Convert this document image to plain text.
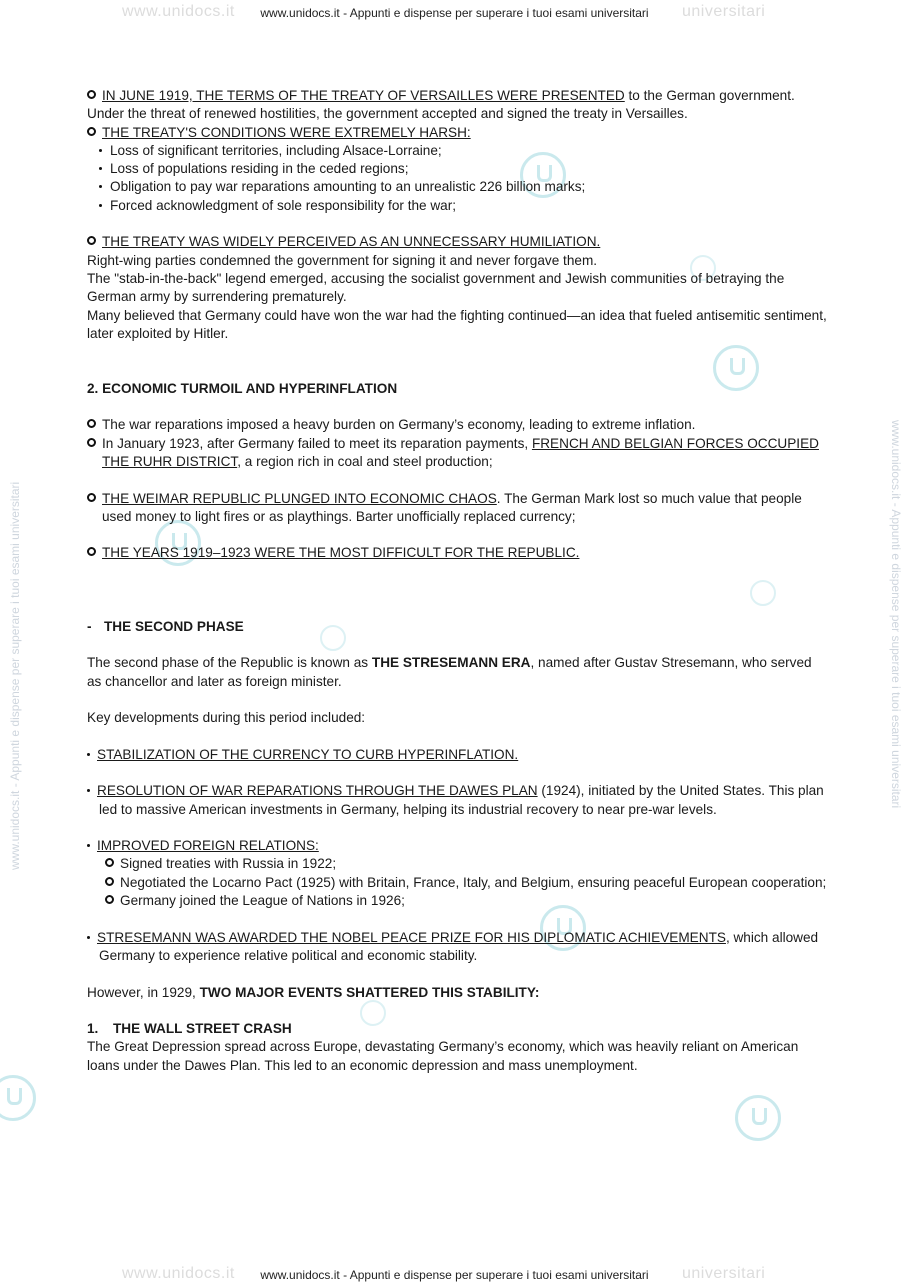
www.unidocs.it	universitari
www.unidocs.it - Appunti e dispense per superare i tuoi esami universitari
www.unidocs.it	universitari
www.unidocs.it - Appunti e dispense per superare i tuoi esami universitari
www.unidocs.it - Appunti e dispense per superare i tuoi esami universitari	www.unidocs.it - Appunti e dispense per superare i tuoi esami universitari

IN JUNE 1919, THE TERMS OF THE TREATY OF VERSAILLES WERE PRESENTED to the German government.

Under the threat of renewed hostilities, the government accepted and signed the treaty in Versailles.

THE TREATY'S CONDITIONS WERE EXTREMELY HARSH:

Loss of significant territories, including Alsace-Lorraine;

Loss of populations residing in the ceded regions;

Obligation to pay war reparations amounting to an unrealistic 226 billion marks;

Forced acknowledgment of sole responsibility for the war;

THE TREATY WAS WIDELY PERCEIVED AS AN UNNECESSARY HUMILIATION.

Right-wing parties condemned the government for signing it and never forgave them.

The "stab-in-the-back" legend emerged, accusing the socialist government and Jewish communities of betraying the German army by surrendering prematurely.

Many believed that Germany could have won the war had the fighting continued—an idea that fueled antisemitic sentiment, later exploited by Hitler.

2. ECONOMIC TURMOIL AND HYPERINFLATION

The war reparations imposed a heavy burden on Germany’s economy, leading to extreme inflation.

In January 1923, after Germany failed to meet its reparation payments, FRENCH AND BELGIAN FORCES OCCUPIED THE RUHR DISTRICT, a region rich in coal and steel production;

THE WEIMAR REPUBLIC PLUNGED INTO ECONOMIC CHAOS. The German Mark lost so much value that people used money to light fires or as playthings. Barter unofficially replaced currency;

THE YEARS 1919–1923 WERE THE MOST DIFFICULT FOR THE REPUBLIC.

- THE SECOND PHASE

The second phase of the Republic is known as THE STRESEMANN ERA, named after Gustav Stresemann, who served as chancellor and later as foreign minister.

Key developments during this period included:

STABILIZATION OF THE CURRENCY TO CURB HYPERINFLATION.

RESOLUTION OF WAR REPARATIONS THROUGH THE DAWES PLAN (1924), initiated by the United States. This plan led to massive American investments in Germany, helping its industrial recovery to near pre-war levels.

IMPROVED FOREIGN RELATIONS:

Signed treaties with Russia in 1922;

Negotiated the Locarno Pact (1925) with Britain, France, Italy, and Belgium, ensuring peaceful European cooperation;

Germany joined the League of Nations in 1926;

STRESEMANN WAS AWARDED THE NOBEL PEACE PRIZE FOR HIS DIPLOMATIC ACHIEVEMENTS, which allowed Germany to experience relative political and economic stability.

However, in 1929, TWO MAJOR EVENTS SHATTERED THIS STABILITY:

1. THE WALL STREET CRASH

The Great Depression spread across Europe, devastating Germany’s economy, which was heavily reliant on American loans under the Dawes Plan. This led to an economic depression and mass unemployment.
